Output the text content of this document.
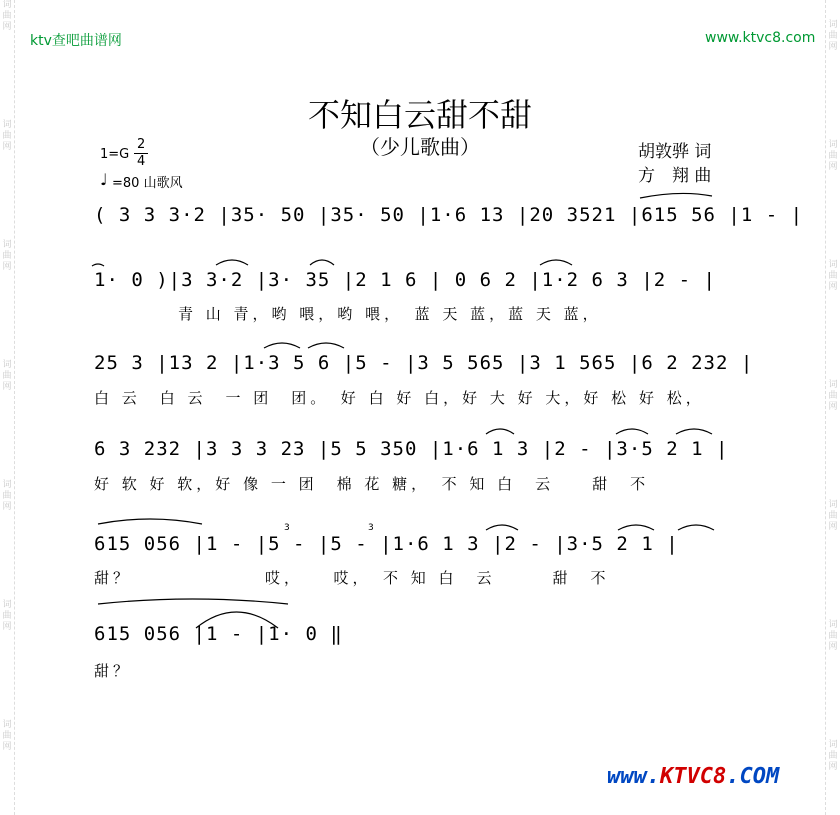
词曲网
词曲网
词曲网
词曲网
词曲网
词曲网
词曲网
词曲网
词曲网
词曲网
词曲网
词曲网
词曲网
词曲网
ktv查吧曲谱网	www.ktvc8.com
不知白云甜不甜
（少儿歌曲）	胡敦骅 词
方　翔 曲
1=G
2
4
♩ =80 山歌风
( 3 3 3·2 |35· 50 |35· 50 |1·6 13 |20 3521 |615 56 |1 - |
1· 0 )|3 3·2 |3· 35 |2 1 6 | 0 6 2 |1·2 6 3 |2 - |
青 山 青，哟 喂，哟 喂，　蓝 天 蓝，蓝 天 蓝，
25 3 |13 2 |1·3 5 6 |5 - |3 5 565 |3 1 565 |6 2 232 |
白 云　白 云　一 团　团。　好 白 好 白，好 大 好 大，好 松 好 松，
6 3 232 |3 3 3 23 |5 5 350 |1·6 1 3 |2 - |3·5 2 1 |
好 软 好 软，好 像 一 团　棉 花 糖，　不 知 白　云　　甜　不
3	3
615 056 |1 - |5 - |5 - |1·6 1 3 |2 - |3·5 2 1 |
甜？　　　　　　　哎，　　哎，　不 知 白　云　　　甜　不
615 056 |1 - |1· 0 ‖
甜？
www.KTVC8.COM
